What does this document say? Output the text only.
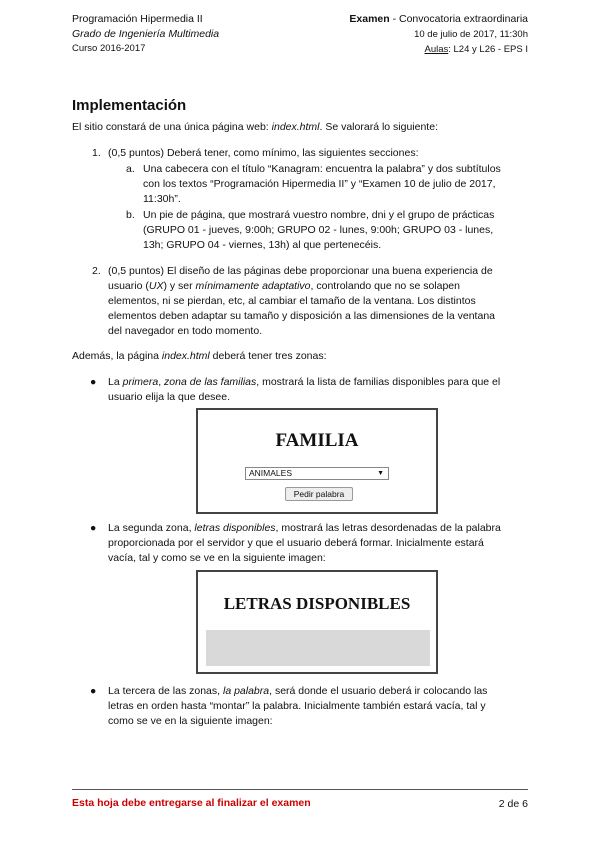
Programación Hipermedia II
Grado de Ingeniería Multimedia
Curso 2016-2017
Examen - Convocatoria extraordinaria
10 de julio de 2017, 11:30h
Aulas: L24 y L26 - EPS I
Implementación
El sitio constará de una única página web: index.html. Se valorará lo siguiente:
1. (0,5 puntos) Deberá tener, como mínimo, las siguientes secciones:
a. Una cabecera con el título “Kanagram: encuentra la palabra” y dos subtítulos
con los textos “Programación Hipermedia II” y “Examen 10 de julio de 2017,
11:30h”.
b. Un pie de página, que mostrará vuestro nombre, dni y el grupo de prácticas
(GRUPO 01 - jueves, 9:00h; GRUPO 02 - lunes, 9:00h; GRUPO 03 - lunes,
13h; GRUPO 04 - viernes, 13h) al que pertenecéis.
2. (0,5 puntos) El diseño de las páginas debe proporcionar una buena experiencia de
usuario (UX) y ser mínimamente adaptativo, controlando que no se solapen
elementos, ni se pierdan, etc, al cambiar el tamaño de la ventana. Los distintos
elementos deben adaptar su tamaño y disposición a las dimensiones de la ventana
del navegador en todo momento.
Además, la página index.html deberá tener tres zonas:
● La primera, zona de las familias, mostrará la lista de familias disponibles para que el
usuario elija la que desee.
FAMILIA
ANIMALES	▼
Pedir palabra
● La segunda zona, letras disponibles, mostrará las letras desordenadas de la palabra
proporcionada por el servidor y que el usuario deberá formar. Inicialmente estará
vacía, tal y como se ve en la siguiente imagen:
LETRAS DISPONIBLES
● La tercera de las zonas, la palabra, será donde el usuario deberá ir colocando las
letras en orden hasta “montar” la palabra. Inicialmente también estará vacía, tal y
como se ve en la siguiente imagen:
Esta hoja debe entregarse al finalizar el examen	2 de 6
